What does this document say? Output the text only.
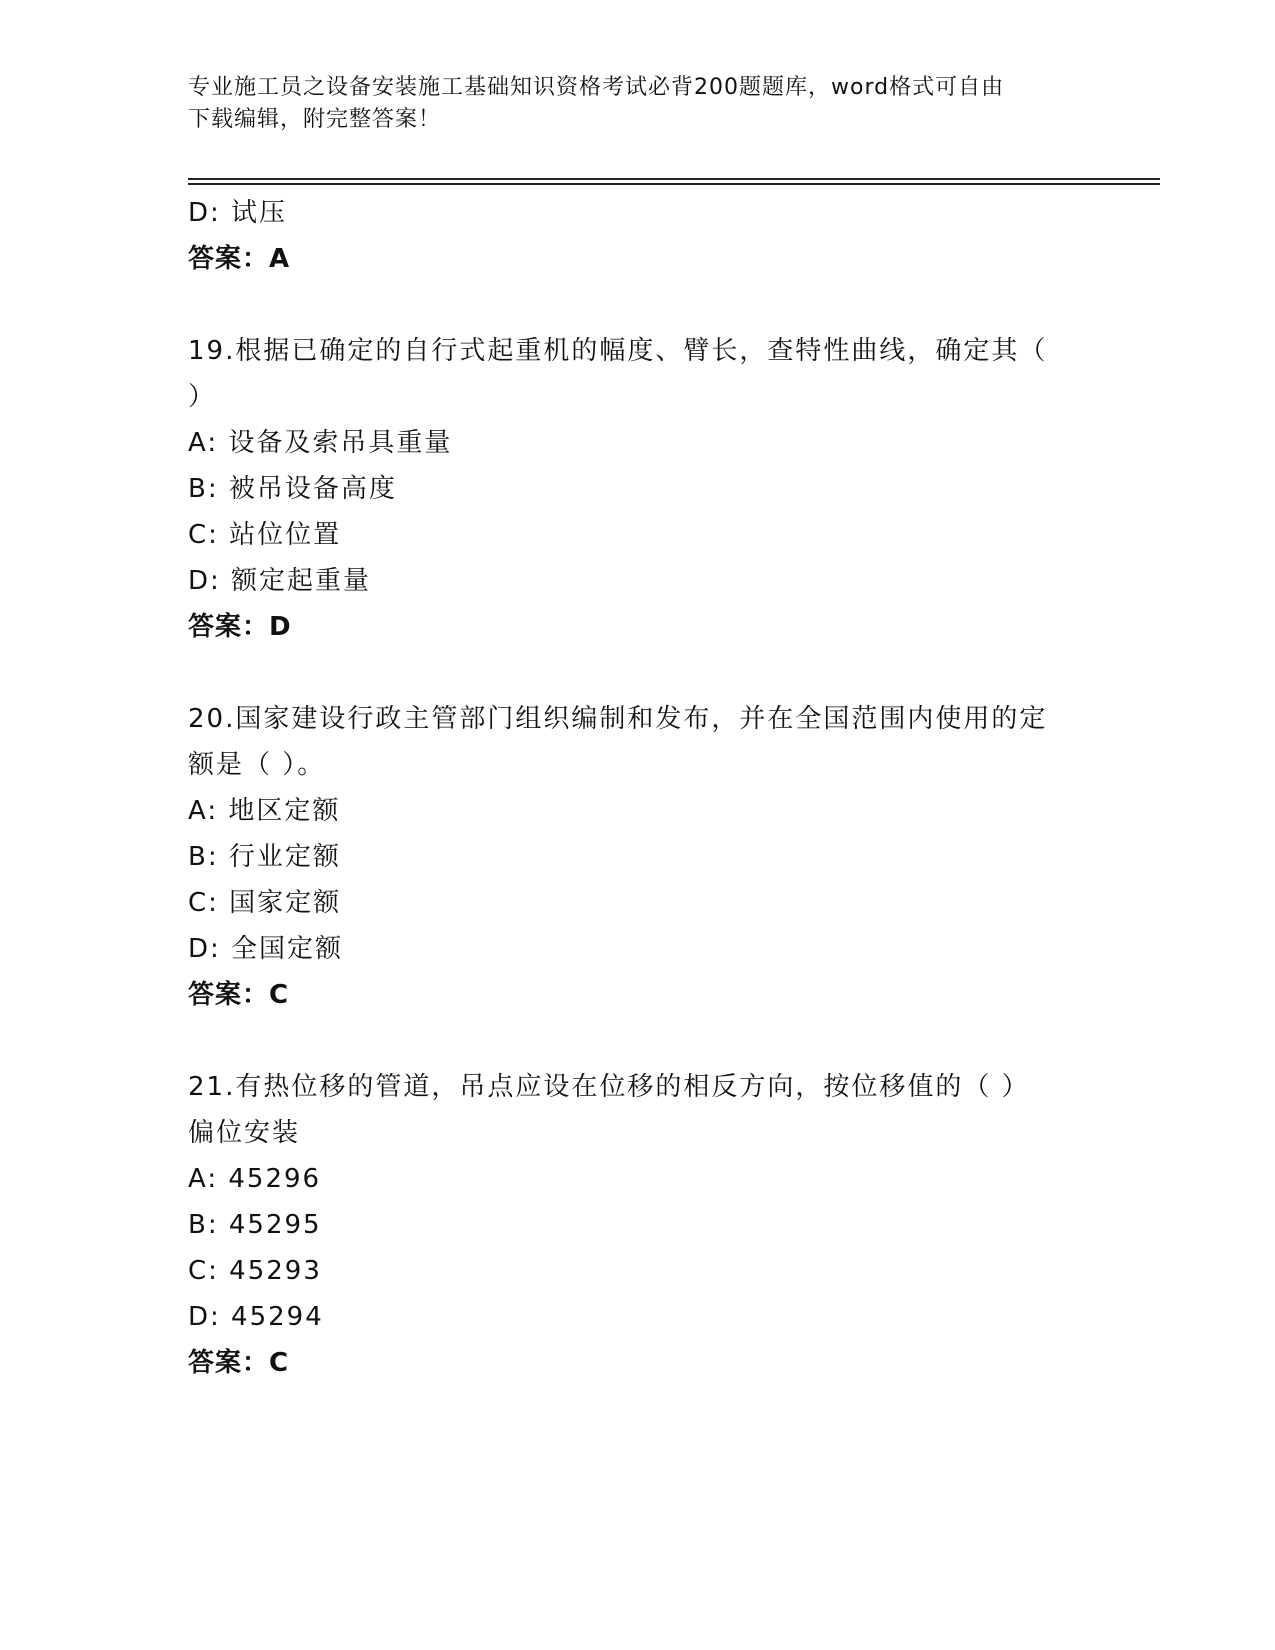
专业施工员之设备安装施工基础知识资格考试必背200题题库，word格式可自由
下载编辑，附完整答案！
D: 试压
答案：A
19.根据已确定的自行式起重机的幅度、臂长，查特性曲线，确定其（
）
A: 设备及索吊具重量
B: 被吊设备高度
C: 站位位置
D: 额定起重量
答案：D
20.国家建设行政主管部门组织编制和发布，并在全国范围内使用的定
额是（ ）。
A: 地区定额
B: 行业定额
C: 国家定额
D: 全国定额
答案：C
21.有热位移的管道，吊点应设在位移的相反方向，按位移值的（ ）
偏位安装
A: 45296
B: 45295
C: 45293
D: 45294
答案：C
